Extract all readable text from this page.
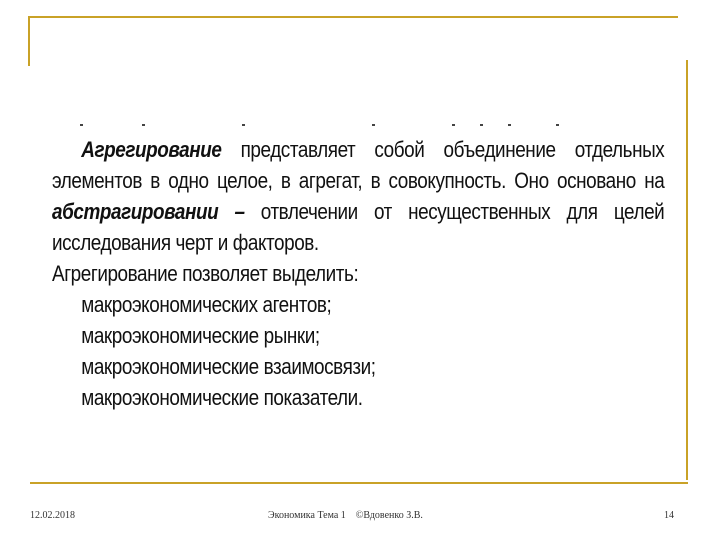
Агрегирование представляет собой объединение отдельных элементов в одно целое, в агрегат, в совокупность. Оно основано на абстрагировании – отвлечении от несущественных для целей исследования черт и факторов.

Агрегирование позволяет выделить:

макроэкономических агентов;
макроэкономические рынки;
макроэкономические взаимосвязи;
макроэкономические показатели.
12.02.2018	Экономика Тема 1    ©Вдовенко З.В.	14
